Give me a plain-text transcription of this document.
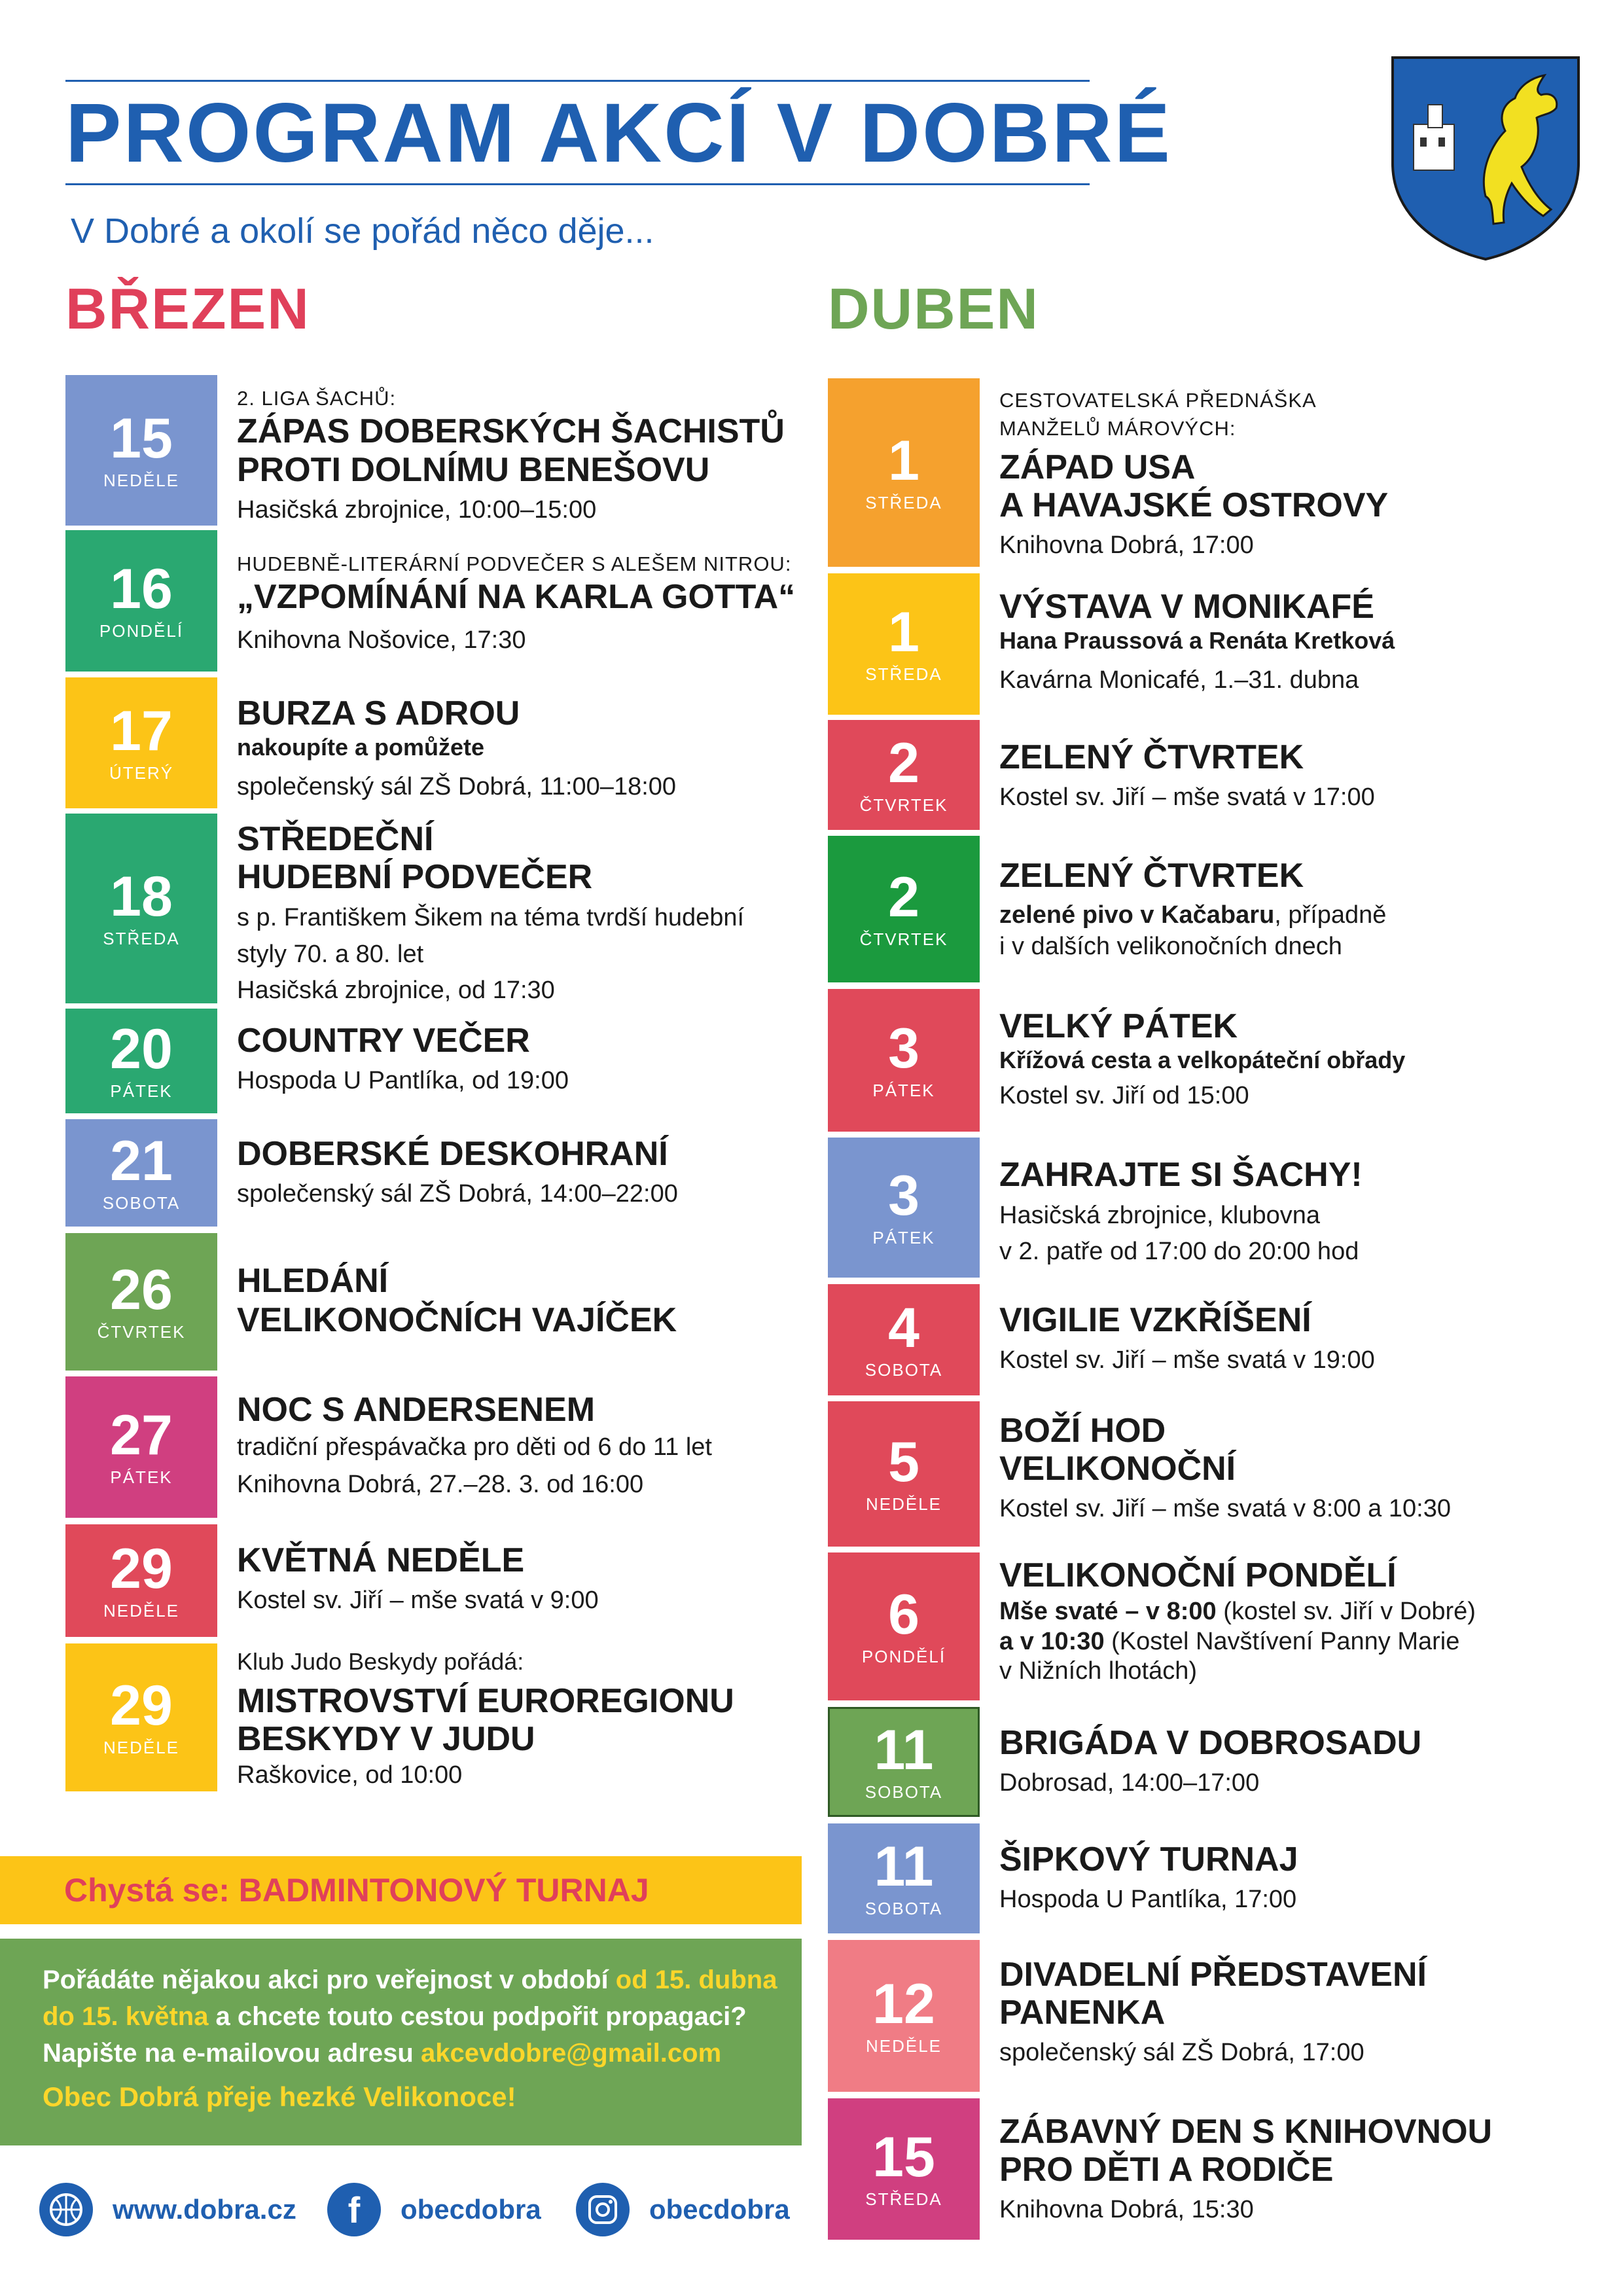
PROGRAM AKCÍ V DOBRÉ
V Dobré a okolí se pořád něco děje...
BŘEZEN	DUBEN
15
NEDĚLE
2. LIGA ŠACHŮ:
ZÁPAS DOBERSKÝCH ŠACHISTŮ
PROTI DOLNÍMU BENEŠOVU
Hasičská zbrojnice, 10:00–15:00
16
PONDĚLÍ
HUDEBNĚ-LITERÁRNÍ PODVEČER S ALEŠEM NITROU:
„VZPOMÍNÁNÍ NA KARLA GOTTA“
Knihovna Nošovice, 17:30
17
ÚTERÝ
BURZA S ADROU
nakoupíte a pomůžete
společenský sál ZŠ Dobrá, 11:00–18:00
18
STŘEDA
STŘEDEČNÍ
HUDEBNÍ PODVEČER
s p. Františkem Šikem na téma tvrdší hudební
styly 70. a 80. let
Hasičská zbrojnice, od 17:30
20
PÁTEK
COUNTRY VEČER
Hospoda U Pantlíka, od 19:00
21
SOBOTA
DOBERSKÉ DESKOHRANÍ
společenský sál ZŠ Dobrá, 14:00–22:00
26
ČTVRTEK
HLEDÁNÍ
VELIKONOČNÍCH VAJÍČEK
27
PÁTEK
NOC S ANDERSENEM
tradiční přespávačka pro děti od 6 do 11 let
Knihovna Dobrá, 27.–28. 3. od 16:00
29
NEDĚLE
KVĚTNÁ NEDĚLE
Kostel sv. Jiří – mše svatá v 9:00
29
NEDĚLE
Klub Judo Beskydy pořádá:
MISTROVSTVÍ EUROREGIONU
BESKYDY V JUDU
Raškovice, od 10:00
1
STŘEDA
CESTOVATELSKÁ PŘEDNÁŠKA
MANŽELŮ MÁROVÝCH:
ZÁPAD USA
A HAVAJSKÉ OSTROVY
Knihovna Dobrá, 17:00
1
STŘEDA
VÝSTAVA V MONIKAFÉ
Hana Praussová a Renáta Kretková
Kavárna Monicafé, 1.–31. dubna
2
ČTVRTEK
ZELENÝ ČTVRTEK
Kostel sv. Jiří – mše svatá v 17:00
2
ČTVRTEK
ZELENÝ ČTVRTEK
zelené pivo v Kačabaru, případně
i v dalších velikonočních dnech
3
PÁTEK
VELKÝ PÁTEK
Křížová cesta a velkopáteční obřady
Kostel sv. Jiří od 15:00
3
PÁTEK
ZAHRAJTE SI ŠACHY!
Hasičská zbrojnice, klubovna
v 2. patře od 17:00 do 20:00 hod
4
SOBOTA
VIGILIE VZKŘÍŠENÍ
Kostel sv. Jiří – mše svatá v 19:00
5
NEDĚLE
BOŽÍ HOD
VELIKONOČNÍ
Kostel sv. Jiří – mše svatá v 8:00 a 10:30
6
PONDĚLÍ
VELIKONOČNÍ PONDĚLÍ
Mše svaté – v 8:00 (kostel sv. Jiří v Dobré)
a v 10:30 (Kostel Navštívení Panny Marie
v Nižních lhotách)
11
SOBOTA
BRIGÁDA V DOBROSADU
Dobrosad, 14:00–17:00
11
SOBOTA
ŠIPKOVÝ TURNAJ
Hospoda U Pantlíka, 17:00
12
NEDĚLE
DIVADELNÍ PŘEDSTAVENÍ
PANENKA
společenský sál ZŠ Dobrá, 17:00
15
STŘEDA
ZÁBAVNÝ DEN S KNIHOVNOU
PRO DĚTI A RODIČE
Knihovna Dobrá, 15:30
Chystá se: BADMINTONOVÝ TURNAJ
Pořádáte nějakou akci pro veřejnost v období od 15. dubna do 15. května a chcete touto cestou podpořit propagaci? Napište na e-mailovou adresu akcevdobre@gmail.com
Obec Dobrá přeje hezké Velikonoce!
www.dobra.cz	f	obecdobra	obecdobra
